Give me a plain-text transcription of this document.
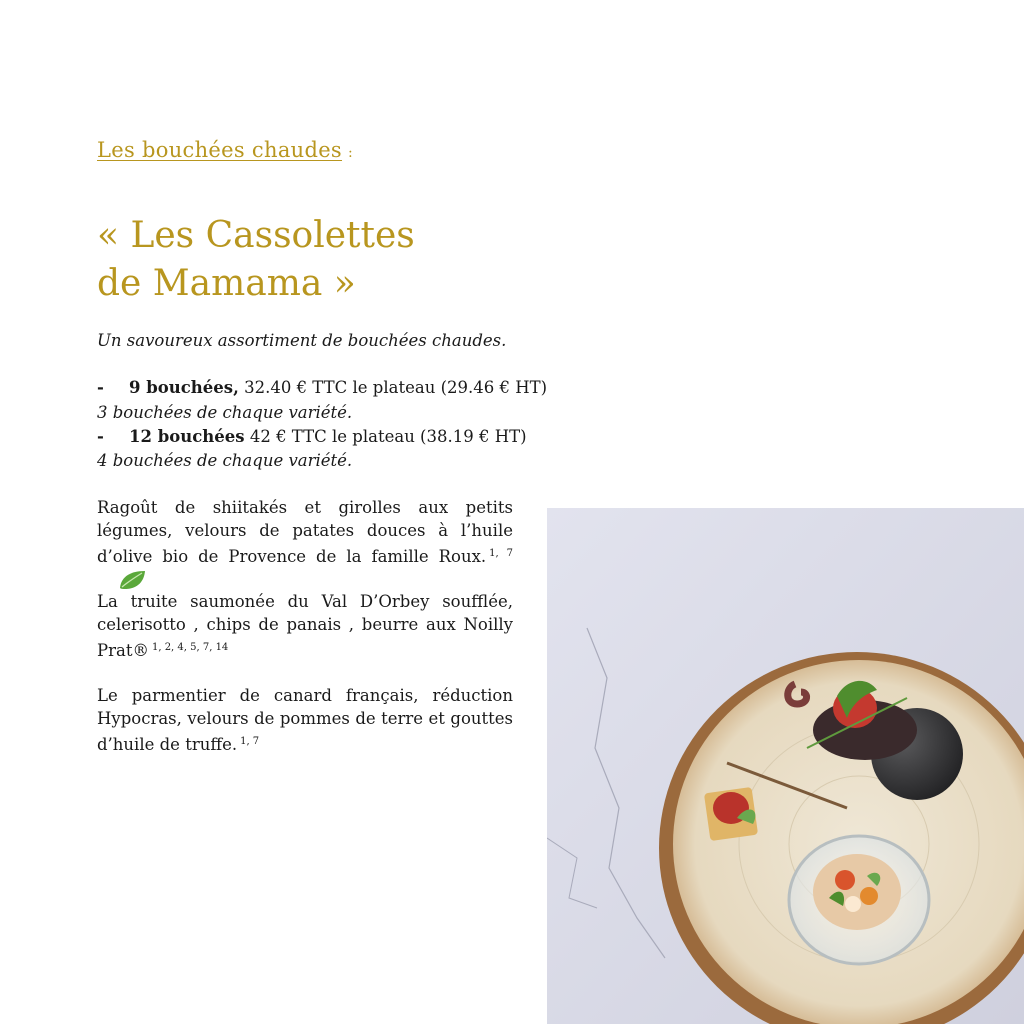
Les bouchées chaudes :
« Les Cassolettes
de Mamama »
Un savoureux assortiment de bouchées chaudes.
- 9 bouchées, 32.40 € TTC le plateau (29.46 € HT)
3 bouchées de chaque variété.
- 12 bouchées 42 € TTC le plateau (38.19 € HT)
4 bouchées de chaque variété.

Ragoût de shiitakés et girolles aux petits légumes, velours de patates douces à l’huile d’olive bio de Provence de la famille Roux. $^{1, 7}$

La truite saumonée du Val D’Orbey soufflée, celerisotto , chips de panais , beurre aux Noilly Prat® $^{1, 2, 4, 5, 7, 14}$

Le parmentier de canard français, réduction Hypocras, velours de pommes de terre et gouttes d’huile de truffe. $^{1, 7}$
